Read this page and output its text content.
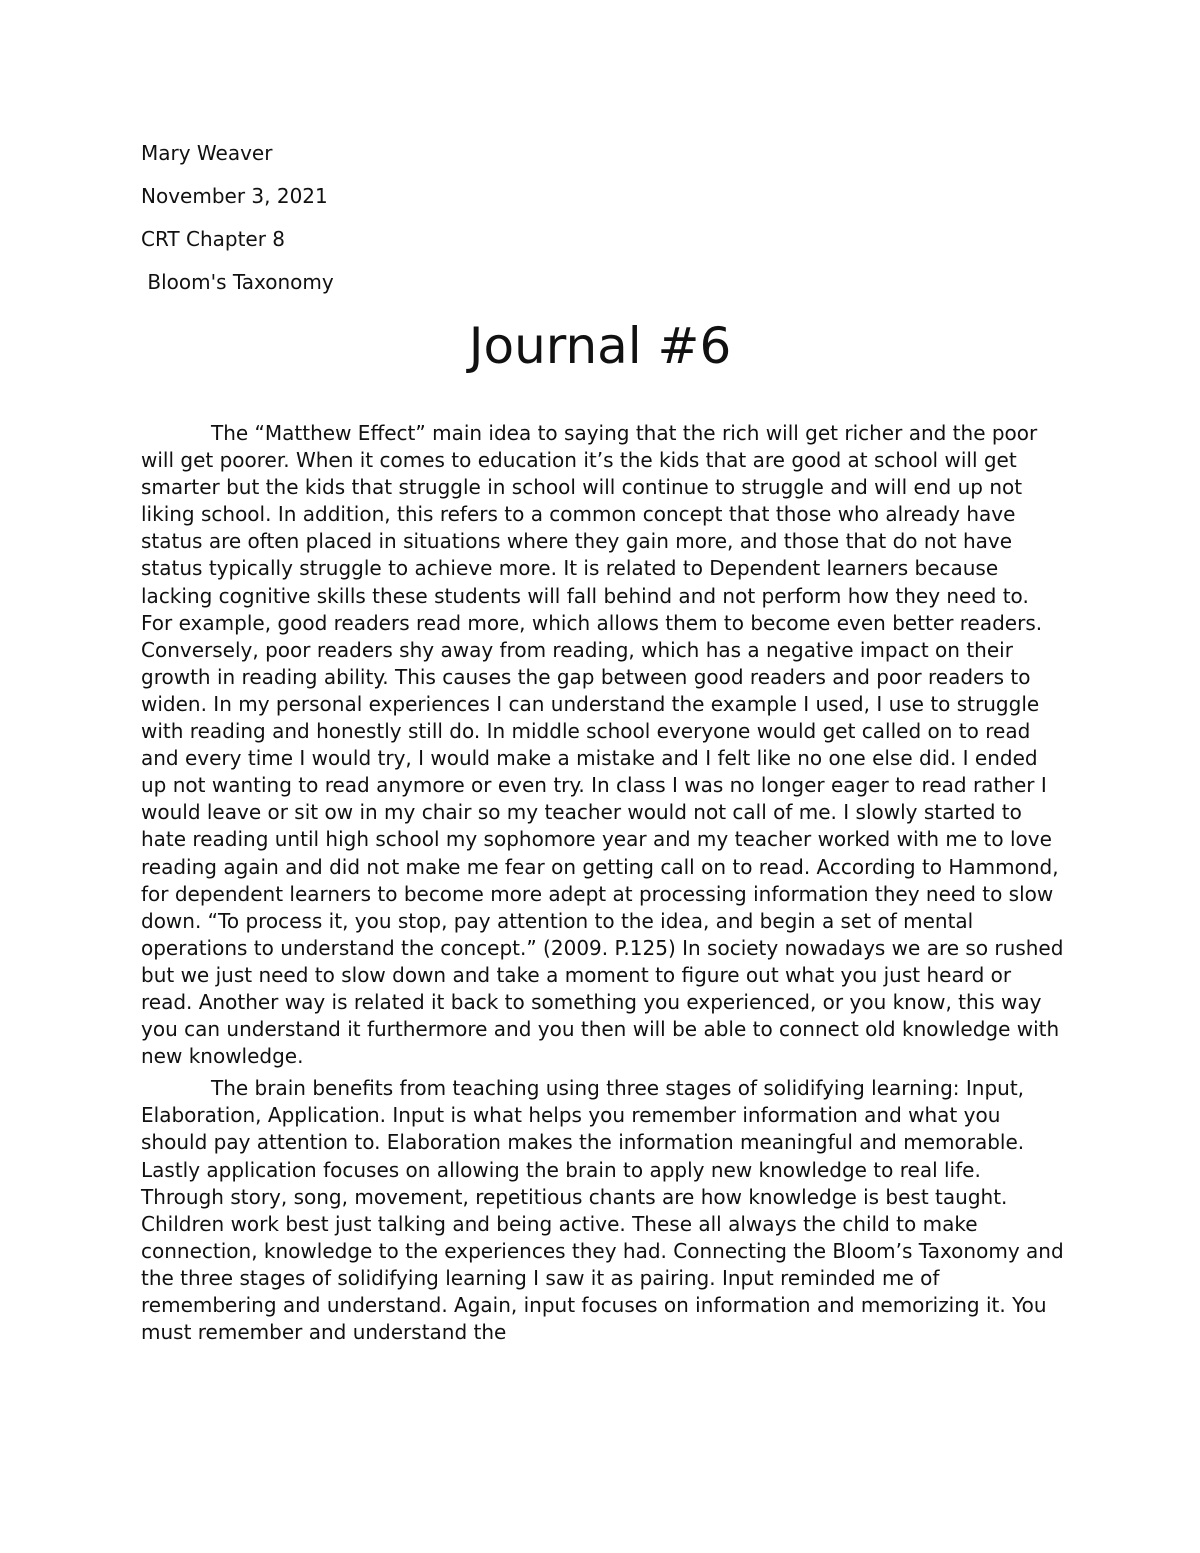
Mary Weaver
November 3, 2021
CRT Chapter 8
Bloom's Taxonomy
Journal #6

The “Matthew Effect” main idea to saying that the rich will get richer and the poor will get poorer. When it comes to education it’s the kids that are good at school will get smarter but the kids that struggle in school will continue to struggle and will end up not liking school. In addition, this refers to a common concept that those who already have status are often placed in situations where they gain more, and those that do not have status typically struggle to achieve more. It is related to Dependent learners because lacking cognitive skills these students will fall behind and not perform how they need to. For example, good readers read more, which allows them to become even better readers. Conversely, poor readers shy away from reading, which has a negative impact on their growth in reading ability. This causes the gap between good readers and poor readers to widen. In my personal experiences I can understand the example I used, I use to struggle with reading and honestly still do. In middle school everyone would get called on to read and every time I would try, I would make a mistake and I felt like no one else did. I ended up not wanting to read anymore or even try. In class I was no longer eager to read rather I would leave or sit ow in my chair so my teacher would not call of me. I slowly started to hate reading until high school my sophomore year and my teacher worked with me to love reading again and did not make me fear on getting call on to read. According to Hammond, for dependent learners to become more adept at processing information they need to slow down. “To process it, you stop, pay attention to the idea, and begin a set of mental operations to understand the concept.” (2009. P.125) In society nowadays we are so rushed but we just need to slow down and take a moment to figure out what you just heard or read. Another way is related it back to something you experienced, or you know, this way you can understand it furthermore and you then will be able to connect old knowledge with new knowledge.

The brain benefits from teaching using three stages of solidifying learning: Input, Elaboration, Application. Input is what helps you remember information and what you should pay attention to. Elaboration makes the information meaningful and memorable. Lastly application focuses on allowing the brain to apply new knowledge to real life. Through story, song, movement, repetitious chants are how knowledge is best taught. Children work best just talking and being active. These all always the child to make connection, knowledge to the experiences they had. Connecting the Bloom’s Taxonomy and the three stages of solidifying learning I saw it as pairing. Input reminded me of remembering and understand. Again, input focuses on information and memorizing it. You must remember and understand the
